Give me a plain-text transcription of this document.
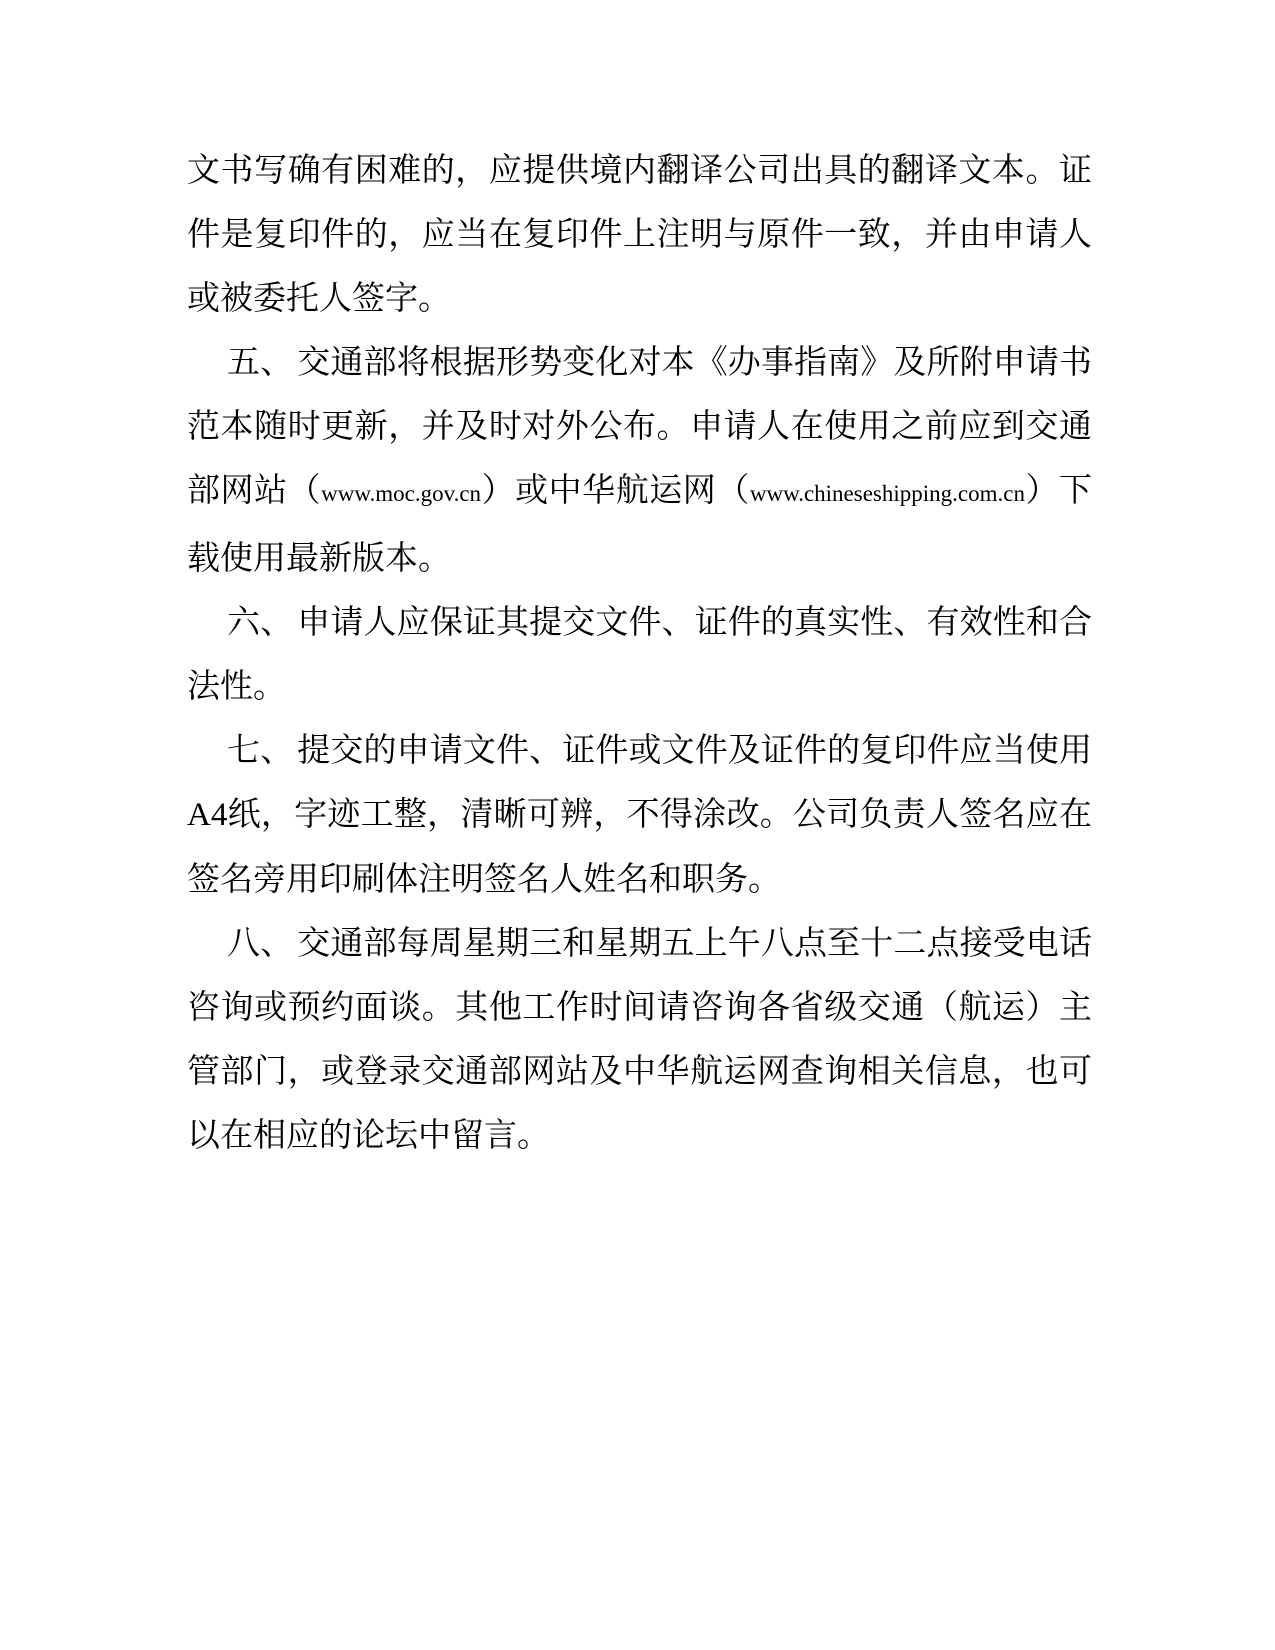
文书写确有困难的，应提供境内翻译公司出具的翻译文本。证件是复印件的，应当在复印件上注明与原件一致，并由申请人或被委托人签字。

五、 交通部将根据形势变化对本《办事指南》及所附申请书范本随时更新，并及时对外公布。申请人在使用之前应到交通部网站（www.moc.gov.cn）或中华航运网（www.chineseshipping.com.cn）下载使用最新版本。

六、 申请人应保证其提交文件、证件的真实性、有效性和合法性。

七、 提交的申请文件、证件或文件及证件的复印件应当使用A4纸，字迹工整，清晰可辨，不得涂改。公司负责人签名应在签名旁用印刷体注明签名人姓名和职务。

八、 交通部每周星期三和星期五上午八点至十二点接受电话咨询或预约面谈。其他工作时间请咨询各省级交通（航运）主管部门，或登录交通部网站及中华航运网查询相关信息，也可以在相应的论坛中留言。
